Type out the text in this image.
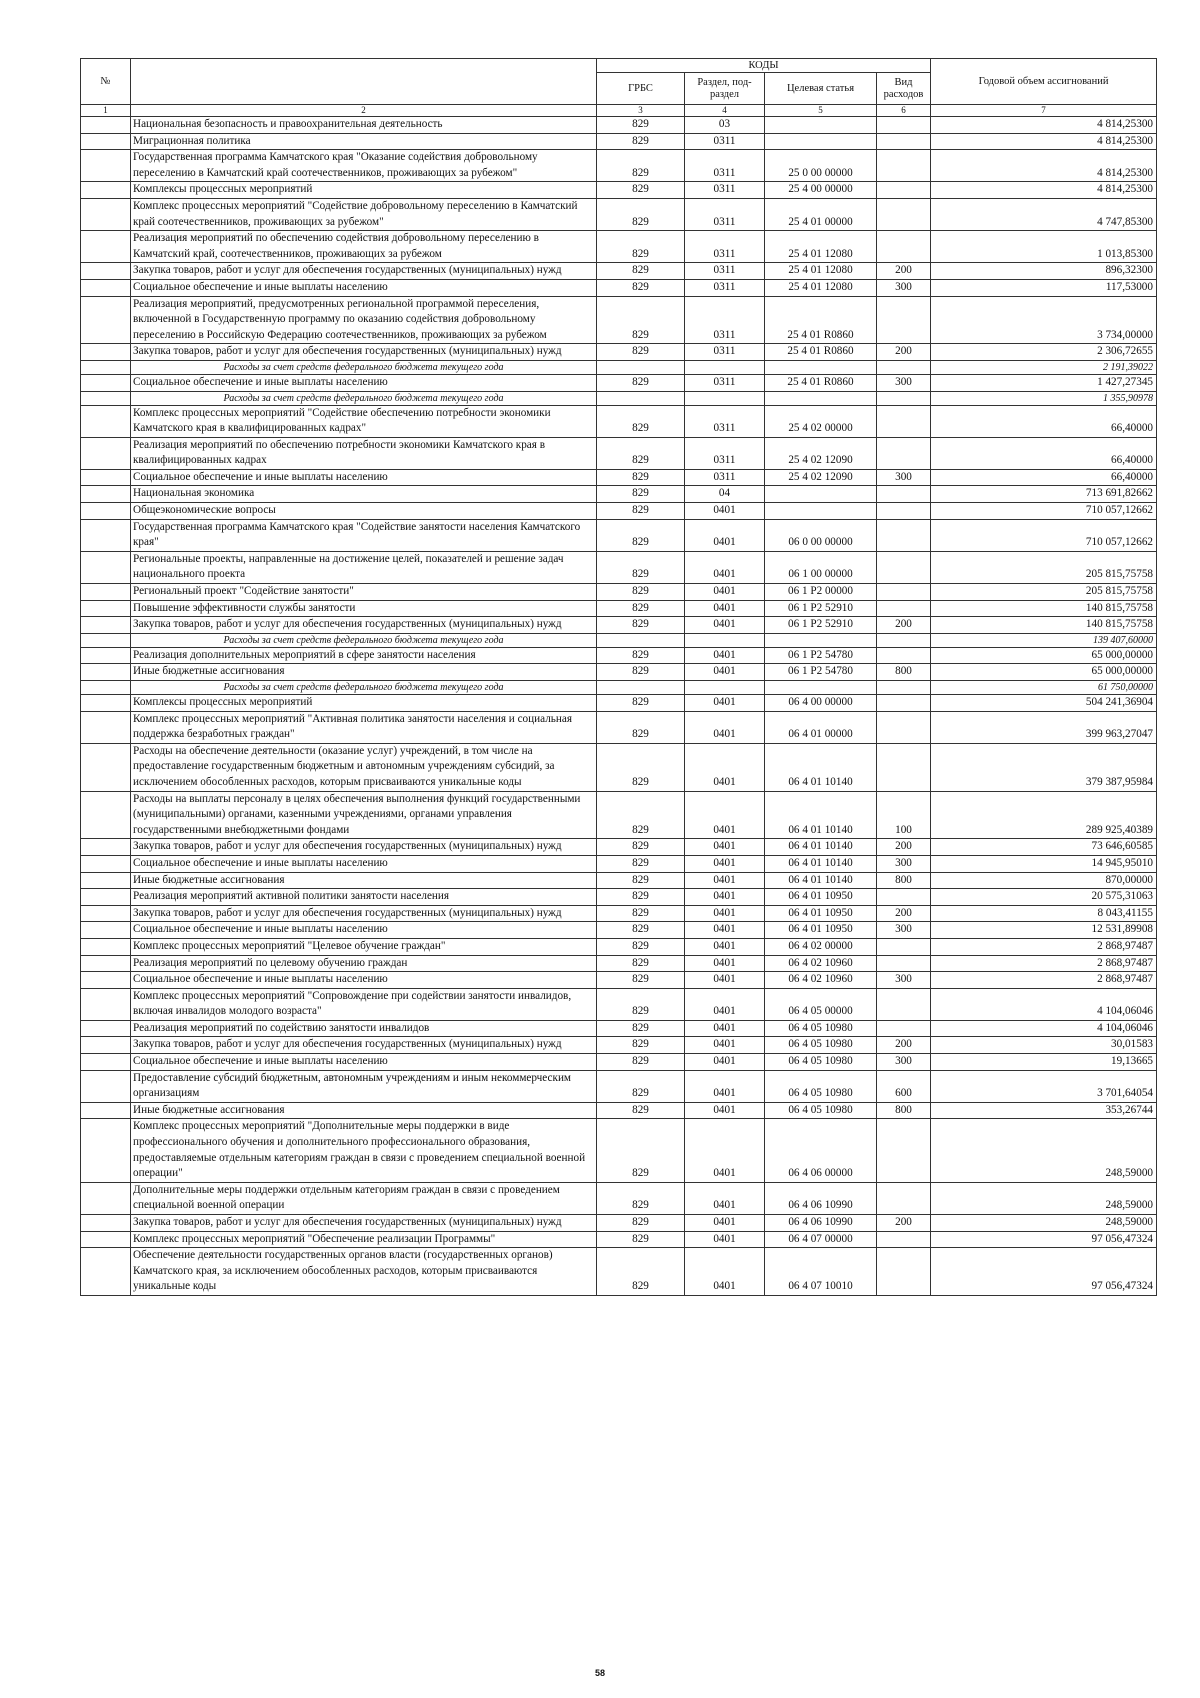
№		КОДЫ				Годовой объем ассигнований
		ГРБС	Раздел, под-раздел	Целевая статья	Вид расходов	
1	2	3	4	5	6	7
	Национальная безопасность и правоохранительная деятельность	829	03			4 814,25300
	Миграционная политика	829	0311			4 814,25300
	Государственная программа Камчатского края "Оказание содействия добровольному переселению в Камчатский край соотечественников, проживающих за рубежом"	829	0311	25 0 00 00000		4 814,25300
	Комплексы процессных мероприятий	829	0311	25 4 00 00000		4 814,25300
	Комплекс процессных мероприятий "Содействие добровольному переселению в Камчатский край соотечественников, проживающих за рубежом"	829	0311	25 4 01 00000		4 747,85300
	Реализация мероприятий по обеспечению содействия добровольному переселению в Камчатский край, соотечественников, проживающих за рубежом	829	0311	25 4 01 12080		1 013,85300
	Закупка товаров, работ и услуг для обеспечения государственных (муниципальных) нужд	829	0311	25 4 01 12080	200	896,32300
	Социальное обеспечение и иные выплаты населению	829	0311	25 4 01 12080	300	117,53000
	Реализация мероприятий, предусмотренных региональной программой переселения, включенной в Государственную программу по оказанию содействия добровольному переселению в Российскую Федерацию соотечественников, проживающих за рубежом	829	0311	25 4 01 R0860		3 734,00000
	Закупка товаров, работ и услуг для обеспечения государственных (муниципальных) нужд	829	0311	25 4 01 R0860	200	2 306,72655
	Расходы за счет средств федерального бюджета текущего года					2 191,39022
	Социальное обеспечение и иные выплаты населению	829	0311	25 4 01 R0860	300	1 427,27345
	Расходы за счет средств федерального бюджета текущего года					1 355,90978
	Комплекс процессных мероприятий "Содействие обеспечению потребности экономики Камчатского края в квалифицированных кадрах"	829	0311	25 4 02 00000		66,40000
	Реализация мероприятий по обеспечению потребности экономики Камчатского края в квалифицированных кадрах	829	0311	25 4 02 12090		66,40000
	Социальное обеспечение и иные выплаты населению	829	0311	25 4 02 12090	300	66,40000
	Национальная экономика	829	04			713 691,82662
	Общеэкономические вопросы	829	0401			710 057,12662
	Государственная программа Камчатского края "Содействие занятости населения Камчатского края"	829	0401	06 0 00 00000		710 057,12662
	Региональные проекты, направленные на достижение целей, показателей и решение задач национального проекта	829	0401	06 1 00 00000		205 815,75758
	Региональный проект "Содействие занятости"	829	0401	06 1 P2 00000		205 815,75758
	Повышение эффективности службы занятости	829	0401	06 1 P2 52910		140 815,75758
	Закупка товаров, работ и услуг для обеспечения государственных (муниципальных) нужд	829	0401	06 1 P2 52910	200	140 815,75758
	Расходы за счет средств федерального бюджета текущего года					139 407,60000
	Реализация дополнительных мероприятий в сфере занятости населения	829	0401	06 1 P2 54780		65 000,00000
	Иные бюджетные ассигнования	829	0401	06 1 P2 54780	800	65 000,00000
	Расходы за счет средств федерального бюджета текущего года					61 750,00000
	Комплексы процессных мероприятий	829	0401	06 4 00 00000		504 241,36904
	Комплекс процессных мероприятий "Активная политика занятости населения и социальная поддержка безработных граждан"	829	0401	06 4 01 00000		399 963,27047
	Расходы на обеспечение деятельности (оказание услуг) учреждений, в том числе на предоставление государственным бюджетным и автономным учреждениям субсидий, за исключением обособленных расходов, которым присваиваются уникальные коды	829	0401	06 4 01 10140		379 387,95984
	Расходы на выплаты персоналу в целях обеспечения выполнения функций государственными (муниципальными) органами, казенными учреждениями, органами управления государственными внебюджетными фондами	829	0401	06 4 01 10140	100	289 925,40389
	Закупка товаров, работ и услуг для обеспечения государственных (муниципальных) нужд	829	0401	06 4 01 10140	200	73 646,60585
	Социальное обеспечение и иные выплаты населению	829	0401	06 4 01 10140	300	14 945,95010
	Иные бюджетные ассигнования	829	0401	06 4 01 10140	800	870,00000
	Реализация мероприятий активной политики занятости населения	829	0401	06 4 01 10950		20 575,31063
	Закупка товаров, работ и услуг для обеспечения государственных (муниципальных) нужд	829	0401	06 4 01 10950	200	8 043,41155
	Социальное обеспечение и иные выплаты населению	829	0401	06 4 01 10950	300	12 531,89908
	Комплекс процессных мероприятий "Целевое обучение граждан"	829	0401	06 4 02 00000		2 868,97487
	Реализация мероприятий по целевому обучению граждан	829	0401	06 4 02 10960		2 868,97487
	Социальное обеспечение и иные выплаты населению	829	0401	06 4 02 10960	300	2 868,97487
	Комплекс процессных мероприятий "Сопровождение при содействии занятости инвалидов, включая инвалидов молодого возраста"	829	0401	06 4 05 00000		4 104,06046
	Реализация мероприятий по содействию занятости инвалидов	829	0401	06 4 05 10980		4 104,06046
	Закупка товаров, работ и услуг для обеспечения государственных (муниципальных) нужд	829	0401	06 4 05 10980	200	30,01583
	Социальное обеспечение и иные выплаты населению	829	0401	06 4 05 10980	300	19,13665
	Предоставление субсидий бюджетным, автономным учреждениям и иным некоммерческим организациям	829	0401	06 4 05 10980	600	3 701,64054
	Иные бюджетные ассигнования	829	0401	06 4 05 10980	800	353,26744
	Комплекс процессных мероприятий "Дополнительные меры поддержки в виде профессионального обучения и дополнительного профессионального образования, предоставляемые отдельным категориям граждан в связи с проведением специальной военной операции"	829	0401	06 4 06 00000		248,59000
	Дополнительные меры поддержки отдельным категориям граждан в связи с проведением специальной военной операции	829	0401	06 4 06 10990		248,59000
	Закупка товаров, работ и услуг для обеспечения государственных (муниципальных) нужд	829	0401	06 4 06 10990	200	248,59000
	Комплекс процессных мероприятий "Обеспечение реализации Программы"	829	0401	06 4 07 00000		97 056,47324
	Обеспечение деятельности государственных органов власти (государственных органов) Камчатского края, за исключением обособленных расходов, которым присваиваются уникальные коды	829	0401	06 4 07 10010		97 056,47324
58
